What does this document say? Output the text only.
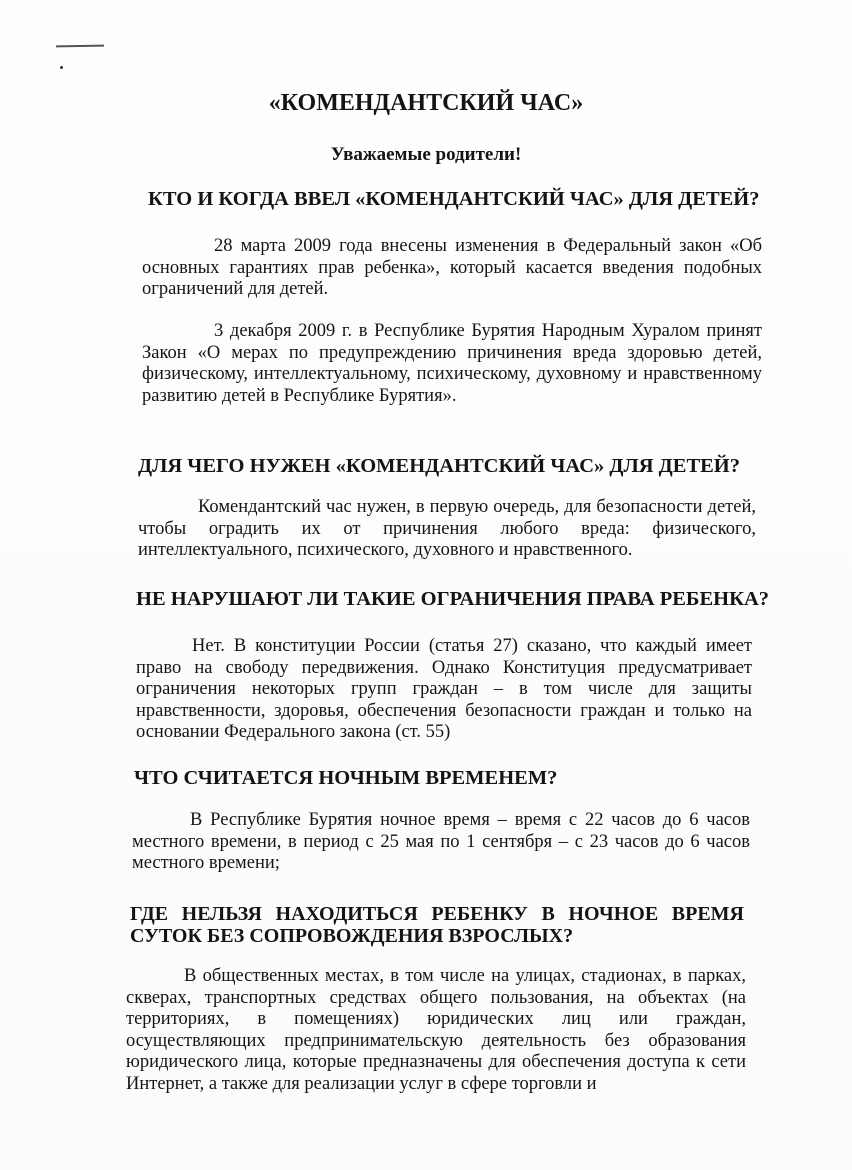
«КОМЕНДАНТСКИЙ ЧАС»
Уважаемые родители!
КТО И КОГДА ВВЕЛ «КОМЕНДАНТСКИЙ ЧАС» ДЛЯ ДЕТЕЙ?

28 марта 2009 года внесены изменения в Федеральный закон «Об основных гарантиях прав ребенка», который касается введения подобных ограничений для детей.

3 декабря 2009 г. в Республике Бурятия Народным Хуралом принят Закон «О мерах по предупреждению причинения вреда здоровью детей, физическому, интеллектуальному, психическому, духовному и нравственному развитию детей в Республике Бурятия».

ДЛЯ ЧЕГО НУЖЕН «КОМЕНДАНТСКИЙ ЧАС» ДЛЯ ДЕТЕЙ?

Комендантский час нужен, в первую очередь, для безопасности детей, чтобы оградить их от причинения любого вреда: физического, интеллектуального, психического, духовного и нравственного.

НЕ НАРУШАЮТ ЛИ ТАКИЕ ОГРАНИЧЕНИЯ ПРАВА РЕБЕНКА?

Нет. В конституции России (статья 27) сказано, что каждый имеет право на свободу передвижения. Однако Конституция предусматривает ограничения некоторых групп граждан – в том числе для защиты нравственности, здоровья, обеспечения безопасности граждан и только на основании Федерального закона (ст. 55)

ЧТО СЧИТАЕТСЯ НОЧНЫМ ВРЕМЕНЕМ?

В Республике Бурятия ночное время – время с 22 часов до 6 часов местного времени, в период с 25 мая по 1 сентября – с 23 часов до 6 часов местного времени;

ГДЕ НЕЛЬЗЯ НАХОДИТЬСЯ РЕБЕНКУ В НОЧНОЕ ВРЕМЯ СУТОК БЕЗ СОПРОВОЖДЕНИЯ ВЗРОСЛЫХ?

В общественных местах, в том числе на улицах, стадионах, в парках, скверах, транспортных средствах общего пользования, на объектах (на территориях, в помещениях) юридических лиц или граждан, осуществляющих предпринимательскую деятельность без образования юридического лица, которые предназначены для обеспечения доступа к сети Интернет, а также для реализации услуг в сфере торговли и
